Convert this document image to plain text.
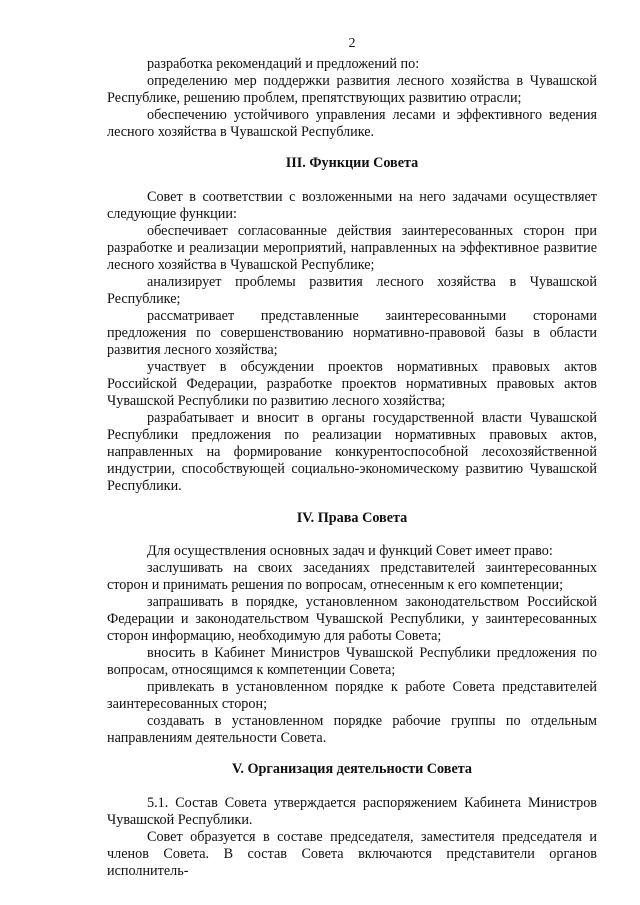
2

разработка рекомендаций и предложений по:

определению мер поддержки развития лесного хозяйства в Чувашской Республике, решению проблем, препятствующих развитию отрасли;

обеспечению устойчивого управления лесами и эффективного ведения лесного хозяйства в Чувашской Республике.

III. Функции Совета

Совет в соответствии с возложенными на него задачами осуществляет следующие функции:

обеспечивает согласованные действия заинтересованных сторон при разработке и реализации мероприятий, направленных на эффективное развитие лесного хозяйства в Чувашской Республике;

анализирует проблемы развития лесного хозяйства в Чувашской Республике;

рассматривает представленные заинтересованными сторонами предложения по совершенствованию нормативно-правовой базы в области развития лесного хозяйства;

участвует в обсуждении проектов нормативных правовых актов Российской Федерации, разработке проектов нормативных правовых актов Чувашской Республики по развитию лесного хозяйства;

разрабатывает и вносит в органы государственной власти Чувашской Республики предложения по реализации нормативных правовых актов, направленных на формирование конкурентоспособной лесохозяйственной индустрии, способствующей социально-экономическому развитию Чувашской Республики.

IV. Права Совета

Для осуществления основных задач и функций Совет имеет право:

заслушивать на своих заседаниях представителей заинтересованных сторон и принимать решения по вопросам, отнесенным к его компетенции;

запрашивать в порядке, установленном законодательством Российской Федерации и законодательством Чувашской Республики, у заинтересованных сторон информацию, необходимую для работы Совета;

вносить в Кабинет Министров Чувашской Республики предложения по вопросам, относящимся к компетенции Совета;

привлекать в установленном порядке к работе Совета представителей заинтересованных сторон;

создавать в установленном порядке рабочие группы по отдельным направлениям деятельности Совета.

V. Организация деятельности Совета

5.1. Состав Совета утверждается распоряжением Кабинета Министров Чувашской Республики.

Совет образуется в составе председателя, заместителя председателя и членов Совета. В состав Совета включаются представители органов исполнитель-
